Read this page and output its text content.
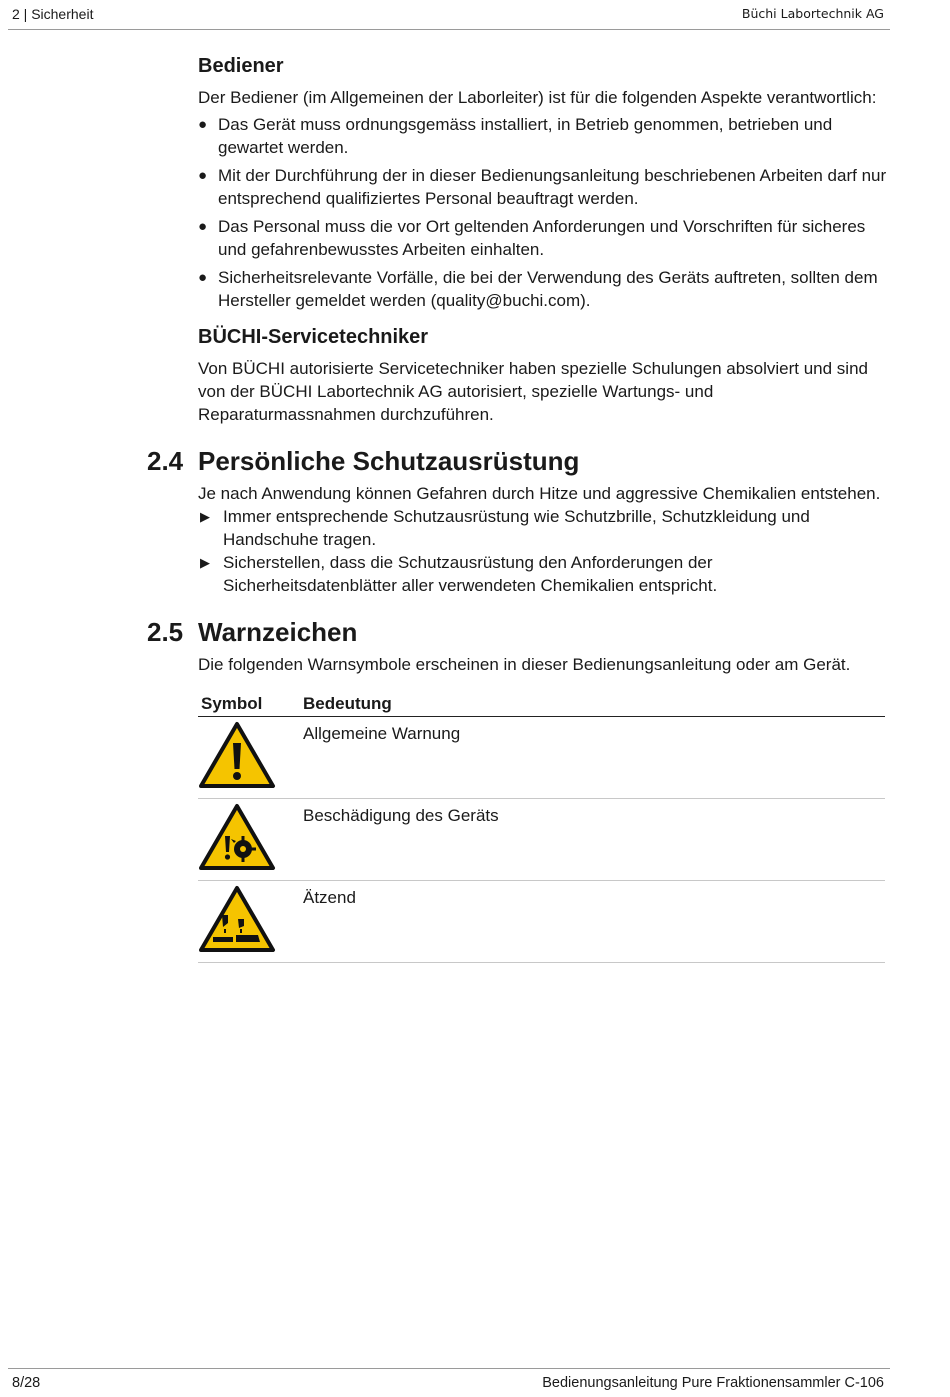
2 | Sicherheit	Büchi Labortechnik AG
Bediener

Der Bediener (im Allgemeinen der Laborleiter) ist für die folgenden Aspekte verantwortlich:

● Das Gerät muss ordnungsgemäss installiert, in Betrieb genommen, betrieben und gewartet werden.
● Mit der Durchführung der in dieser Bedienungsanleitung beschriebenen Arbeiten darf nur entsprechend qualifiziertes Personal beauftragt werden.
● Das Personal muss die vor Ort geltenden Anforderungen und Vorschriften für sicheres und gefahrenbewusstes Arbeiten einhalten.
● Sicherheitsrelevante Vorfälle, die bei der Verwendung des Geräts auftreten, sollten dem Hersteller gemeldet werden (quality@buchi.com).
BÜCHI-Servicetechniker

Von BÜCHI autorisierte Servicetechniker haben spezielle Schulungen absolviert und sind von der BÜCHI Labortechnik AG autorisiert, spezielle Wartungs- und Reparaturmassnahmen durchzuführen.

2.4 Persönliche Schutzausrüstung

Je nach Anwendung können Gefahren durch Hitze und aggressive Chemikalien entstehen.

▶ Immer entsprechende Schutzausrüstung wie Schutzbrille, Schutzkleidung und Handschuhe tragen.
▶ Sicherstellen, dass die Schutzausrüstung den Anforderungen der Sicherheitsdatenblätter aller verwendeten Chemikalien entspricht.
2.5 Warnzeichen

Die folgenden Warnsymbole erscheinen in dieser Bedienungsanleitung oder am Gerät.

Symbol	Bedeutung
	Allgemeine Warnung
	Beschädigung des Geräts
	Ätzend
8/28	Bedienungsanleitung Pure Fraktionensammler C-106
